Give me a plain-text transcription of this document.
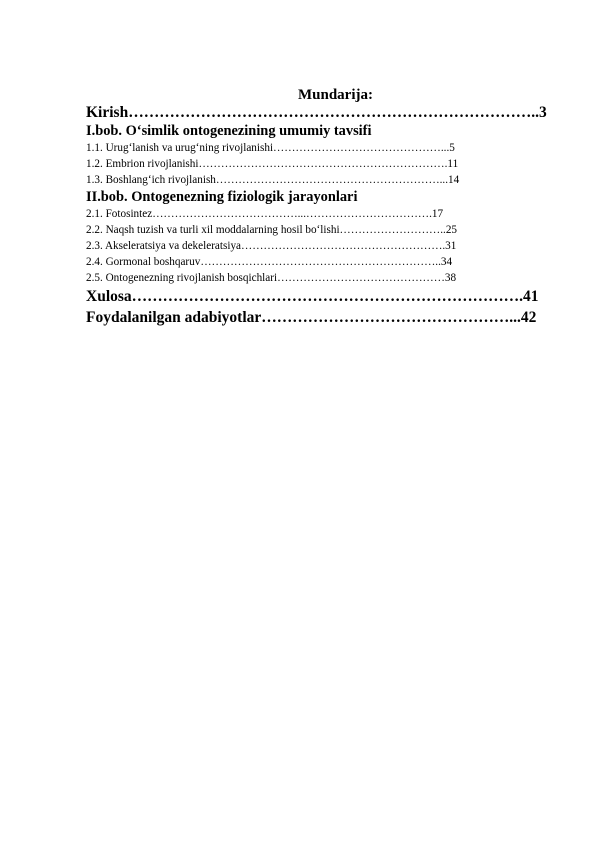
Mundarija:
Kirish……………………………………………………………………..3
I.bob. O‘simlik ontogenezining umumiy tavsifi
1.1. Urug‘lanish va urug‘ning rivojlanishi………………………………………...5
1.2. Embrion rivojlanishi………………………………………………………….11
1.3. Boshlang‘ich rivojlanish……………………………………………………...14
II.bob. Ontogenezning fiziologik jarayonlari
2.1. Fotosintez…………………………………...…………………………….17
2.2. Naqsh tuzish va turli xil moddalarning hosil bo‘lishi………………………..25
2.3. Akseleratsiya va dekeleratsiya……………………………………………….31
2.4. Gormonal boshqaruv………………………………………………………..34
2.5. Ontogenezning rivojlanish bosqichlari………………………………………38
Xulosa………………………………………………………………….41
Foydalanilgan adabiyotlar…………………………………………...42
